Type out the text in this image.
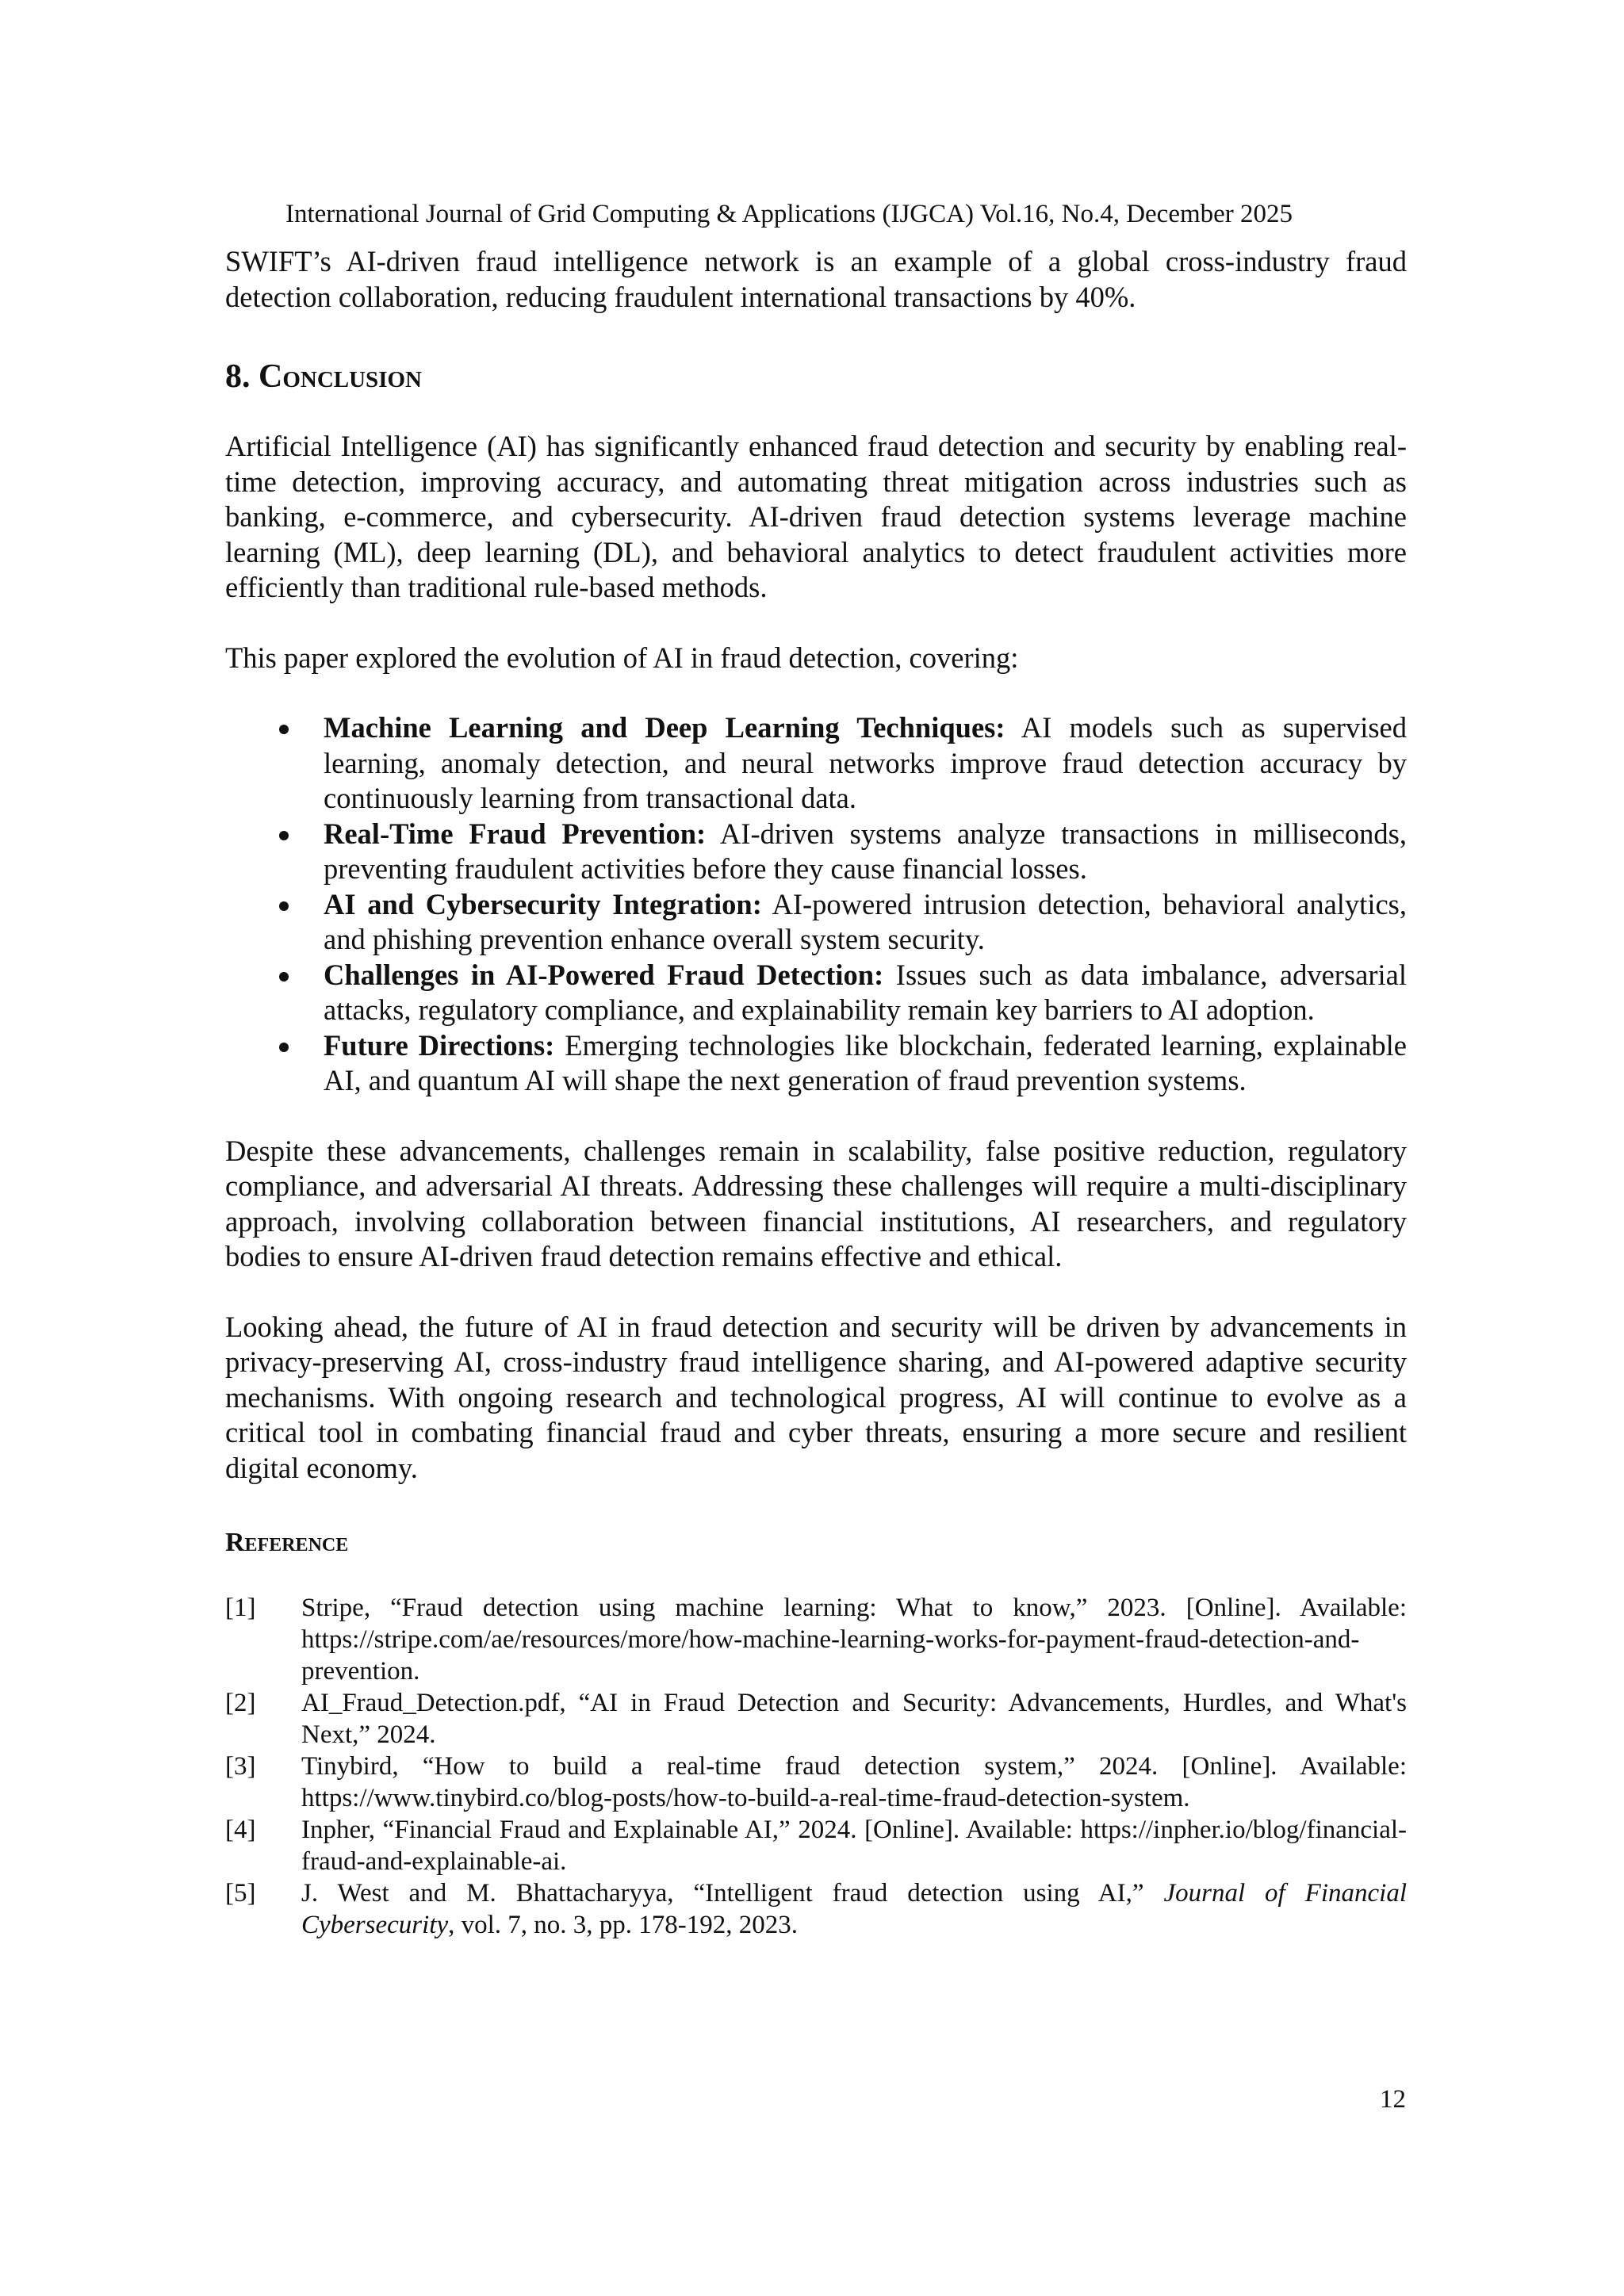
International Journal of Grid Computing & Applications (IJGCA) Vol.16, No.4, December 2025

SWIFT’s AI-driven fraud intelligence network is an example of a global cross-industry fraud detection collaboration, reducing fraudulent international transactions by 40%.

8. Conclusion

Artificial Intelligence (AI) has significantly enhanced fraud detection and security by enabling real-time detection, improving accuracy, and automating threat mitigation across industries such as banking, e-commerce, and cybersecurity. AI-driven fraud detection systems leverage machine learning (ML), deep learning (DL), and behavioral analytics to detect fraudulent activities more efficiently than traditional rule-based methods.

This paper explored the evolution of AI in fraud detection, covering:

Machine Learning and Deep Learning Techniques: AI models such as supervised learning, anomaly detection, and neural networks improve fraud detection accuracy by continuously learning from transactional data.
Real-Time Fraud Prevention: AI-driven systems analyze transactions in milliseconds, preventing fraudulent activities before they cause financial losses.
AI and Cybersecurity Integration: AI-powered intrusion detection, behavioral analytics, and phishing prevention enhance overall system security.
Challenges in AI-Powered Fraud Detection: Issues such as data imbalance, adversarial attacks, regulatory compliance, and explainability remain key barriers to AI adoption.
Future Directions: Emerging technologies like blockchain, federated learning, explainable AI, and quantum AI will shape the next generation of fraud prevention systems.

Despite these advancements, challenges remain in scalability, false positive reduction, regulatory compliance, and adversarial AI threats. Addressing these challenges will require a multi-disciplinary approach, involving collaboration between financial institutions, AI researchers, and regulatory bodies to ensure AI-driven fraud detection remains effective and ethical.

Looking ahead, the future of AI in fraud detection and security will be driven by advancements in privacy-preserving AI, cross-industry fraud intelligence sharing, and AI-powered adaptive security mechanisms. With ongoing research and technological progress, AI will continue to evolve as a critical tool in combating financial fraud and cyber threats, ensuring a more secure and resilient digital economy.

Reference
[1] Stripe, “Fraud detection using machine learning: What to know,” 2023. [Online]. Available: https://stripe.com/ae/resources/more/how-machine-learning-works-for-payment-fraud-detection-and-prevention.
[2] AI_Fraud_Detection.pdf, “AI in Fraud Detection and Security: Advancements, Hurdles, and What's Next,” 2024.
[3] Tinybird, “How to build a real-time fraud detection system,” 2024. [Online]. Available: https://www.tinybird.co/blog-posts/how-to-build-a-real-time-fraud-detection-system.
[4] Inpher, “Financial Fraud and Explainable AI,” 2024. [Online]. Available: https://inpher.io/blog/financial-fraud-and-explainable-ai.
[5] J. West and M. Bhattacharyya, “Intelligent fraud detection using AI,” Journal of Financial Cybersecurity, vol. 7, no. 3, pp. 178-192, 2023.
12
